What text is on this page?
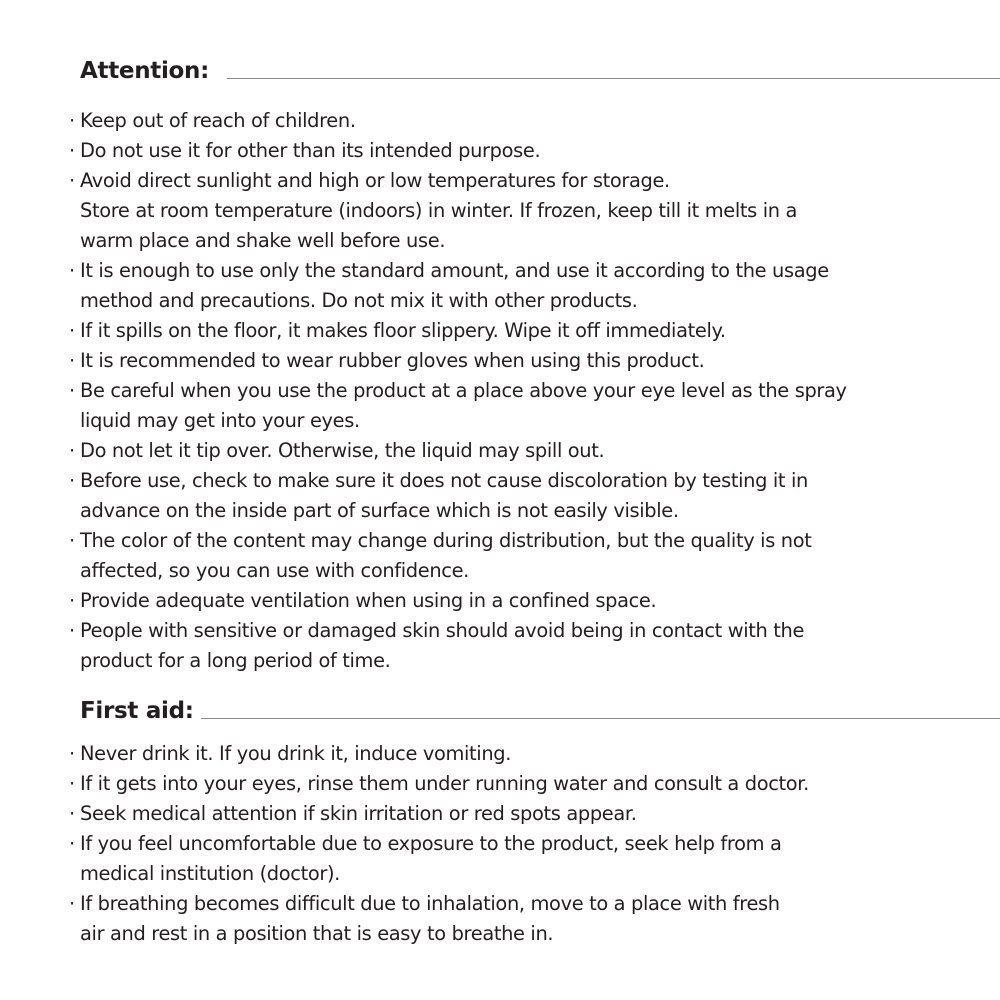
Attention:
· Keep out of reach of children.
· Do not use it for other than its intended purpose.
· Avoid direct sunlight and high or low temperatures for storage.
Store at room temperature (indoors) in winter. If frozen, keep till it melts in a
warm place and shake well before use.
· It is enough to use only the standard amount, and use it according to the usage
method and precautions. Do not mix it with other products.
· If it spills on the floor, it makes floor slippery. Wipe it off immediately.
· It is recommended to wear rubber gloves when using this product.
· Be careful when you use the product at a place above your eye level as the spray
liquid may get into your eyes.
· Do not let it tip over. Otherwise, the liquid may spill out.
· Before use, check to make sure it does not cause discoloration by testing it in
advance on the inside part of surface which is not easily visible.
· The color of the content may change during distribution, but the quality is not
affected, so you can use with confidence.
· Provide adequate ventilation when using in a confined space.
· People with sensitive or damaged skin should avoid being in contact with the
product for a long period of time.
First aid:
· Never drink it. If you drink it, induce vomiting.
· If it gets into your eyes, rinse them under running water and consult a doctor.
· Seek medical attention if skin irritation or red spots appear.
· If you feel uncomfortable due to exposure to the product, seek help from a
medical institution (doctor).
· If breathing becomes difficult due to inhalation, move to a place with fresh
air and rest in a position that is easy to breathe in.
